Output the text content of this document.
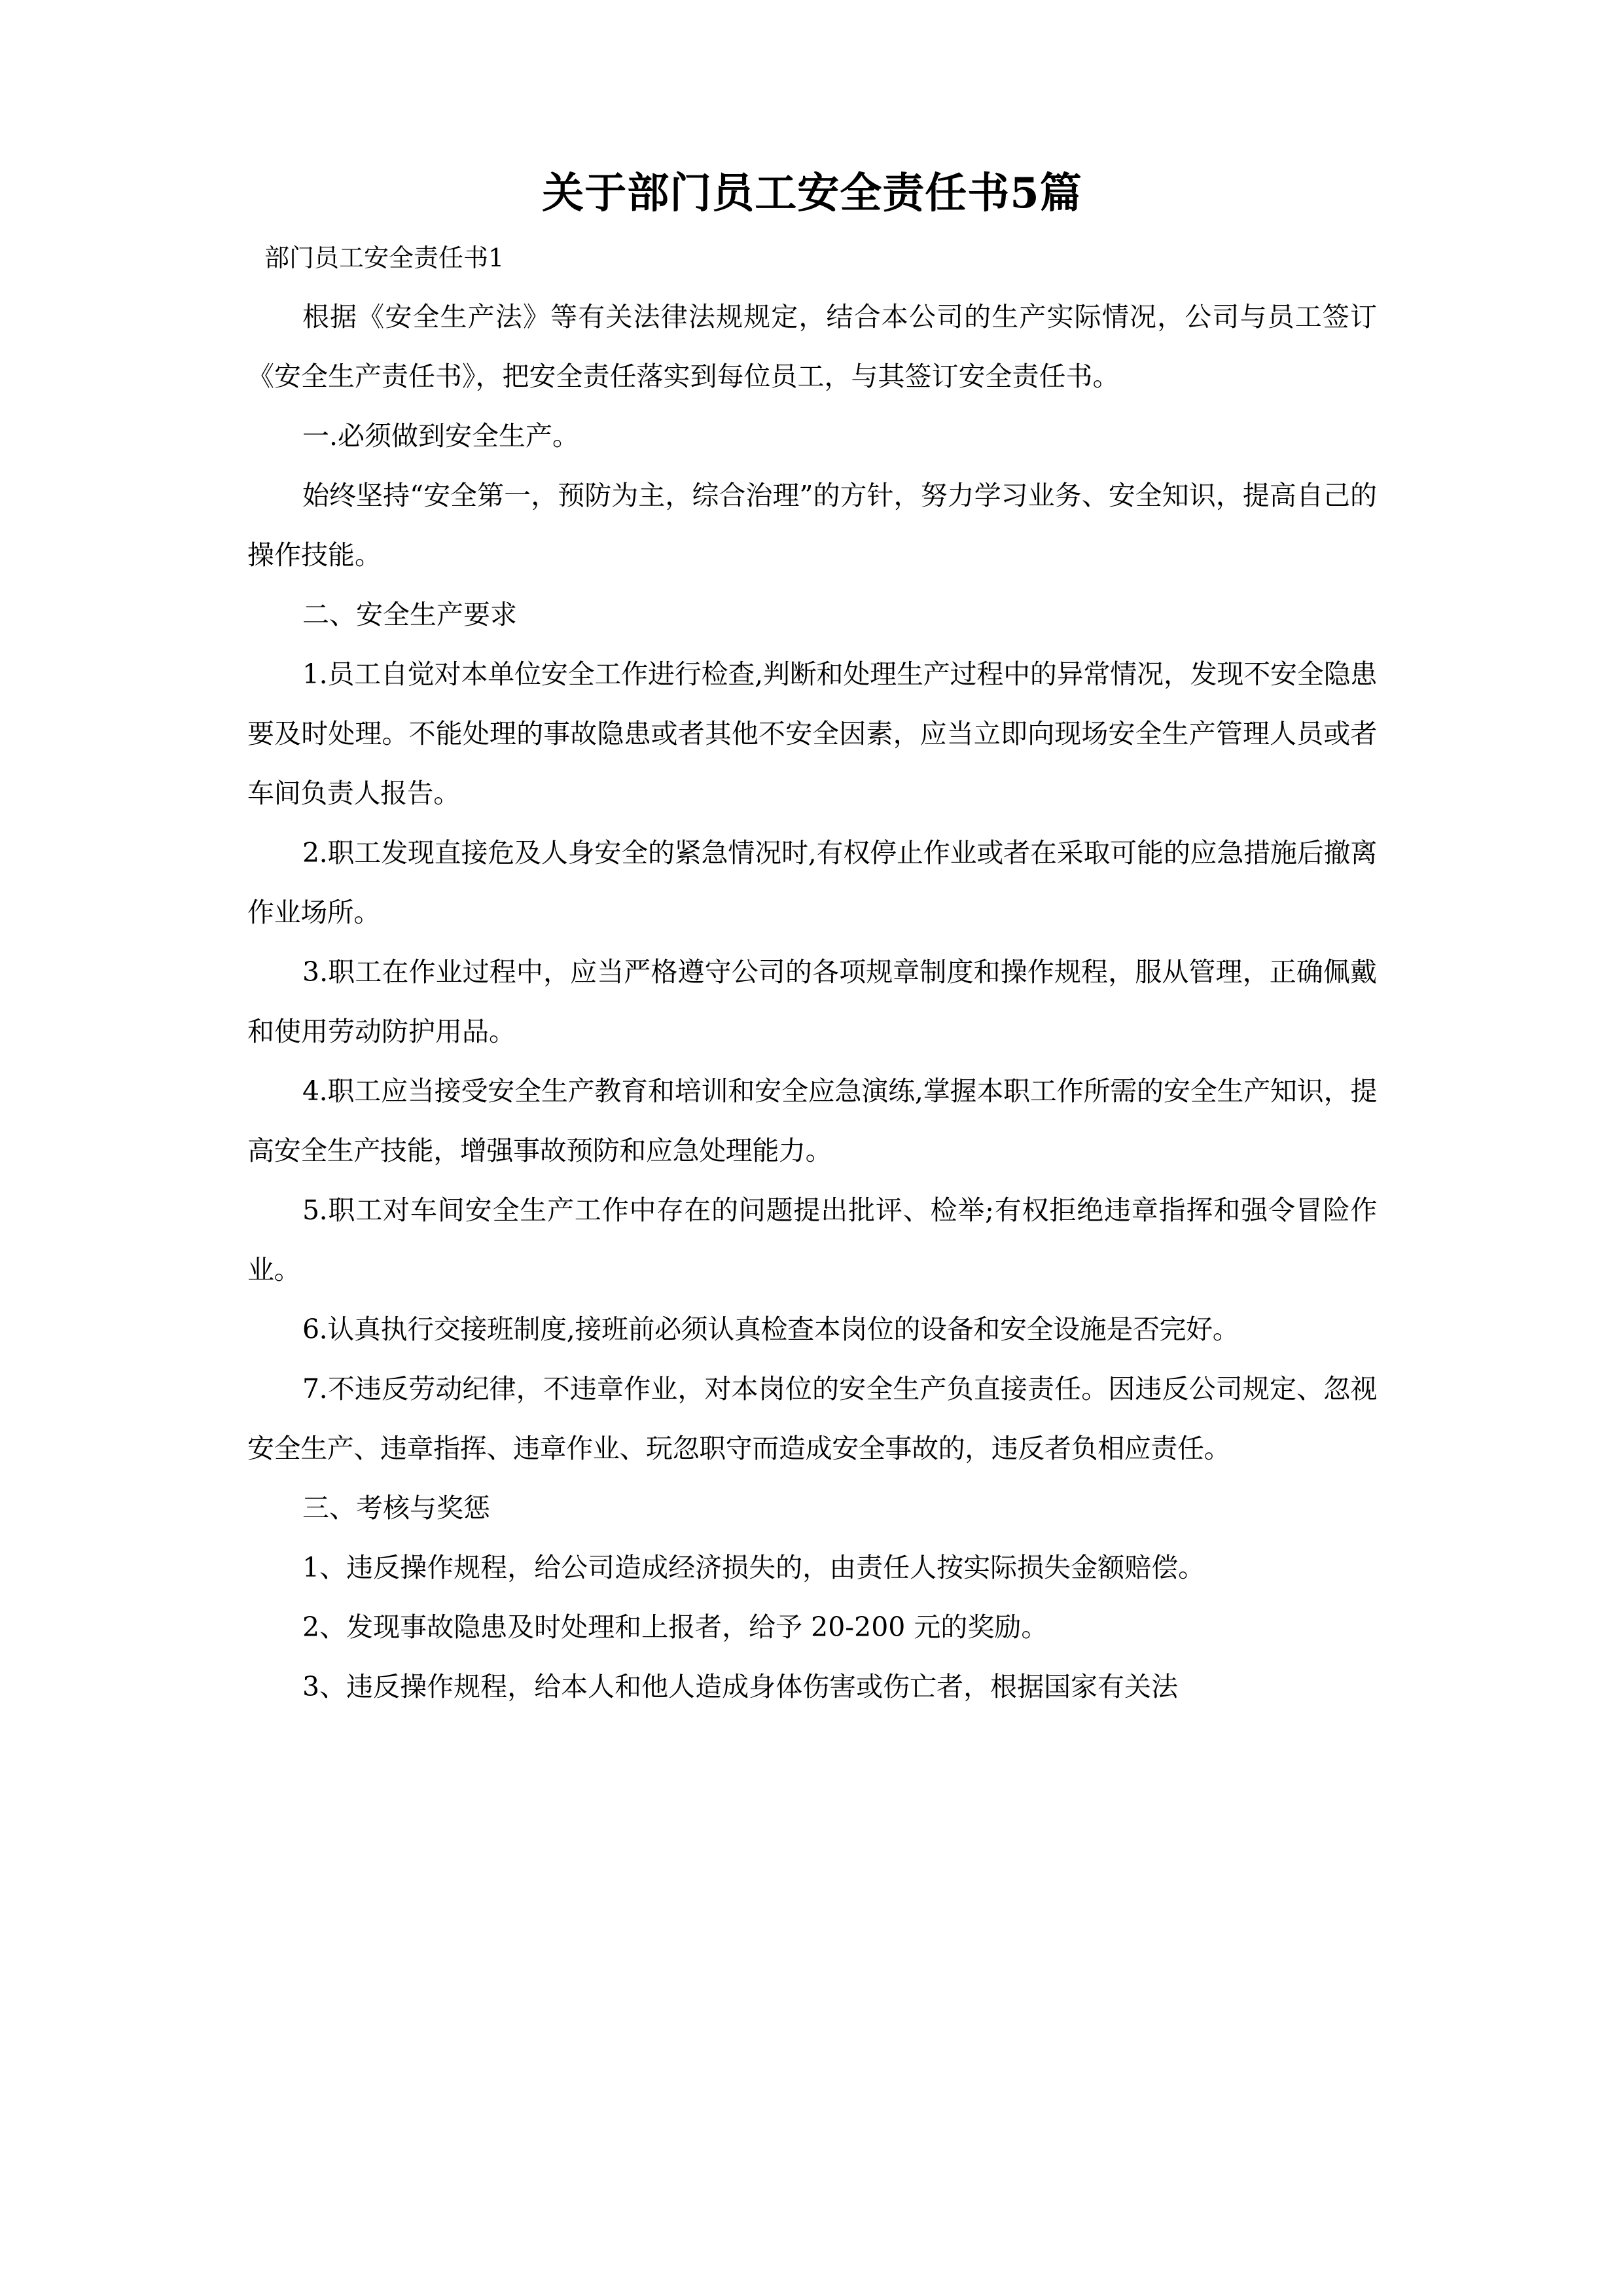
关于部门员工安全责任书5篇

部门员工安全责任书1

根据《安全生产法》等有关法律法规规定，结合本公司的生产实际情况，公司与员工签订《安全生产责任书》，把安全责任落实到每位员工，与其签订安全责任书。

一.必须做到安全生产。

始终坚持“安全第一，预防为主，综合治理”的方针，努力学习业务、安全知识，提高自己的操作技能。

二、安全生产要求

1.员工自觉对本单位安全工作进行检查,判断和处理生产过程中的异常情况，发现不安全隐患要及时处理。不能处理的事故隐患或者其他不安全因素，应当立即向现场安全生产管理人员或者车间负责人报告。

2.职工发现直接危及人身安全的紧急情况时,有权停止作业或者在采取可能的应急措施后撤离作业场所。

3.职工在作业过程中，应当严格遵守公司的各项规章制度和操作规程，服从管理，正确佩戴和使用劳动防护用品。

4.职工应当接受安全生产教育和培训和安全应急演练,掌握本职工作所需的安全生产知识，提高安全生产技能，增强事故预防和应急处理能力。

5.职工对车间安全生产工作中存在的问题提出批评、检举;有权拒绝违章指挥和强令冒险作业。

6.认真执行交接班制度,接班前必须认真检查本岗位的设备和安全设施是否完好。

7.不违反劳动纪律，不违章作业，对本岗位的安全生产负直接责任。因违反公司规定、忽视安全生产、违章指挥、违章作业、玩忽职守而造成安全事故的，违反者负相应责任。

三、考核与奖惩

1、违反操作规程，给公司造成经济损失的，由责任人按实际损失金额赔偿。

2、发现事故隐患及时处理和上报者，给予 20-200 元的奖励。

3、违反操作规程，给本人和他人造成身体伤害或伤亡者，根据国家有关法
